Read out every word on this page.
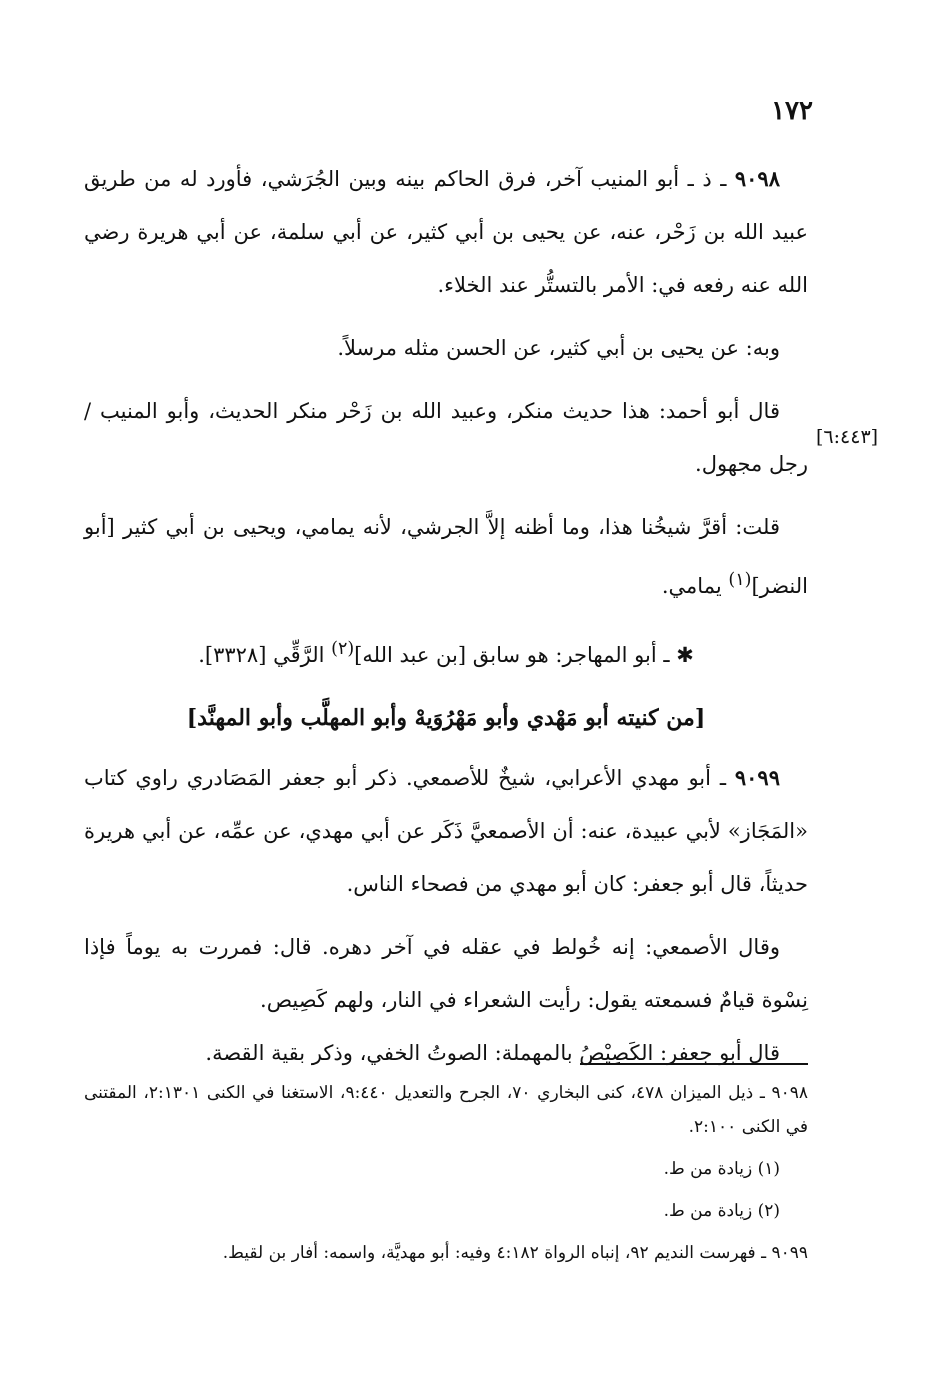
١٧٢
[٦:٤٤٣]

٩٠٩٨ ـ ذ ـ أبو المنيب آخر، فرق الحاكم بينه وبين الجُرَشي، فأورد له من طريق عبيد الله بن زَحْر، عنه، عن يحيى بن أبي كثير، عن أبي سلمة، عن أبي هريرة رضي الله عنه رفعه في: الأمر بالتستُّر عند الخلاء.

وبه: عن يحيى بن أبي كثير، عن الحسن مثله مرسلاً.

قال أبو أحمد: هذا حديث منكر، وعبيد الله بن زَحْر منكر الحديث، وأبو المنيب / رجل مجهول.

قلت: أقرَّ شيخُنا هذا، وما أظنه إلاَّ الجرشي، لأنه يمامي، ويحيى بن أبي كثير [أبو النضر]$^{(١)}$ يمامي.

✱ ـ أبو المهاجر: هو سابق [بن عبد الله]$^{(٢)}$ الرَّقِّي [٣٣٢٨].

[من كنيته أبو مَهْدي وأبو مَهْرُوَيهْ وأبو المهلَّب وأبو المهنَّد]

٩٠٩٩ ـ أبو مهدي الأعرابي، شيخٌ للأصمعي. ذكر أبو جعفر المَصَادري راوي كتاب «المَجَاز» لأبي عبيدة، عنه: أن الأصمعيَّ ذَكَر عن أبي مهدي، عن عمِّه، عن أبي هريرة حديثاً، قال أبو جعفر: كان أبو مهدي من فصحاء الناس.

وقال الأصمعي: إنه خُولط في عقله في آخر دهره. قال: فمررت به يوماً فإذا نِسْوة قيامٌ فسمعته يقول: رأيت الشعراء في النار، ولهم كَصِيص.

قال أبو جعفر: الكَصِيْصُ بالمهملة: الصوتُ الخفي، وذكر بقية القصة.

٩٠٩٨ ـ ذيل الميزان ٤٧٨، كنى البخاري ٧٠، الجرح والتعديل ٩:٤٤٠، الاستغنا في الكنى ٢:١٣٠١، المقتنى في الكنى ٢:١٠٠.

(١) زيادة من ط.

(٢) زيادة من ط.

٩٠٩٩ ـ فهرست النديم ٩٢، إنباه الرواة ٤:١٨٢ وفيه: أبو مهديَّة، واسمه: أفار بن لقيط.
